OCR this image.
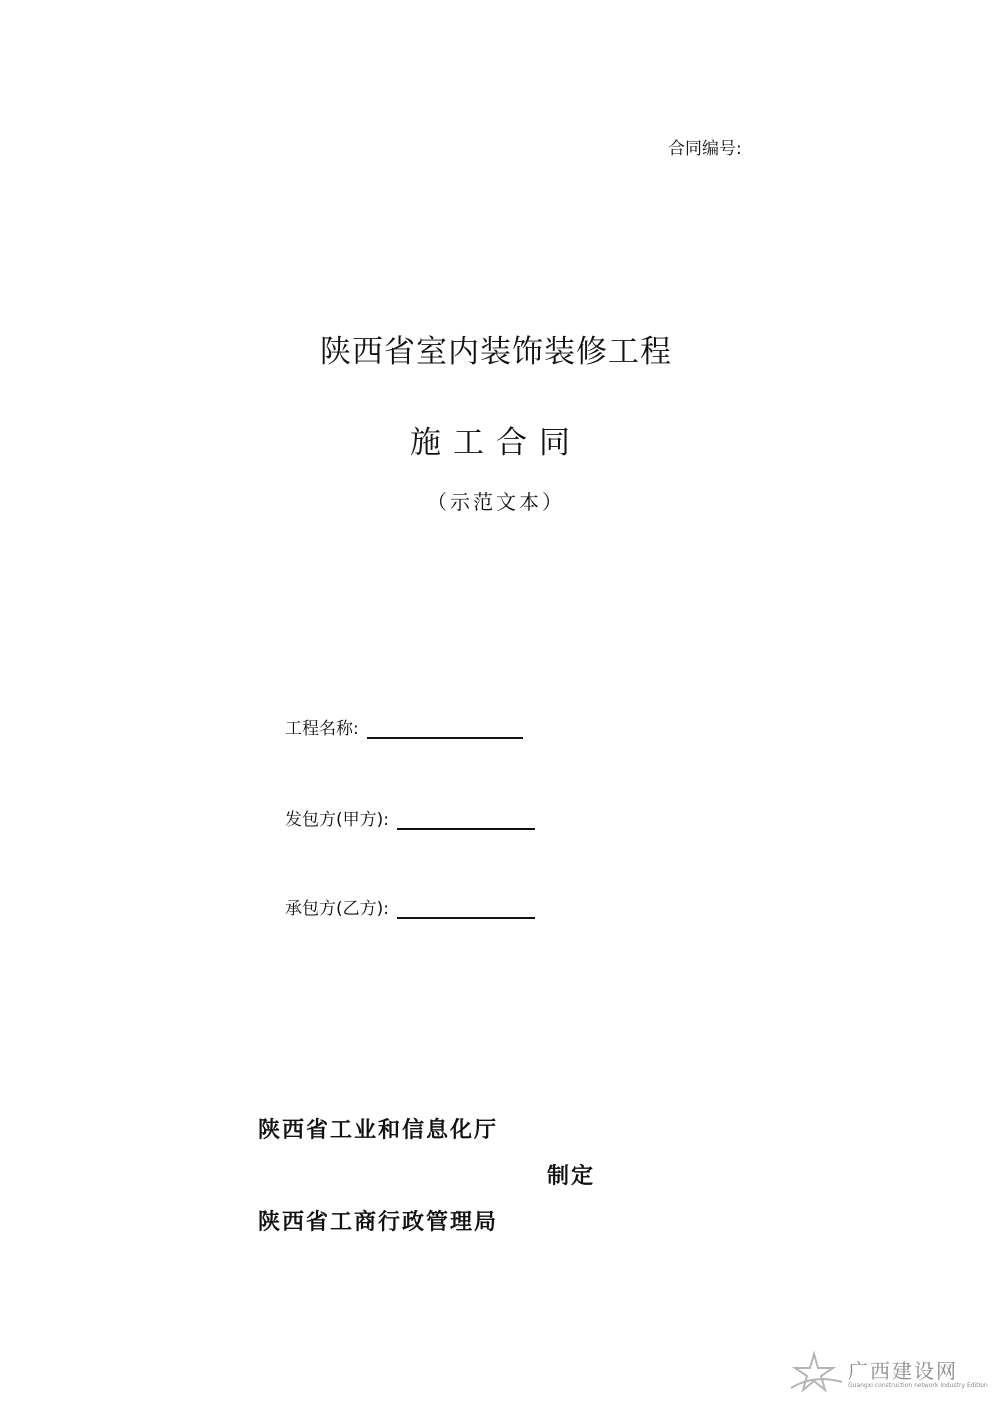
合同编号:
陕西省室内装饰装修工程
施工合同
（示范文本）
工程名称:
发包方(甲方):
承包方(乙方):
陕西省工业和信息化厅
制定
陕西省工商行政管理局
广西建设网
Guangxi construction network Industry Edition
